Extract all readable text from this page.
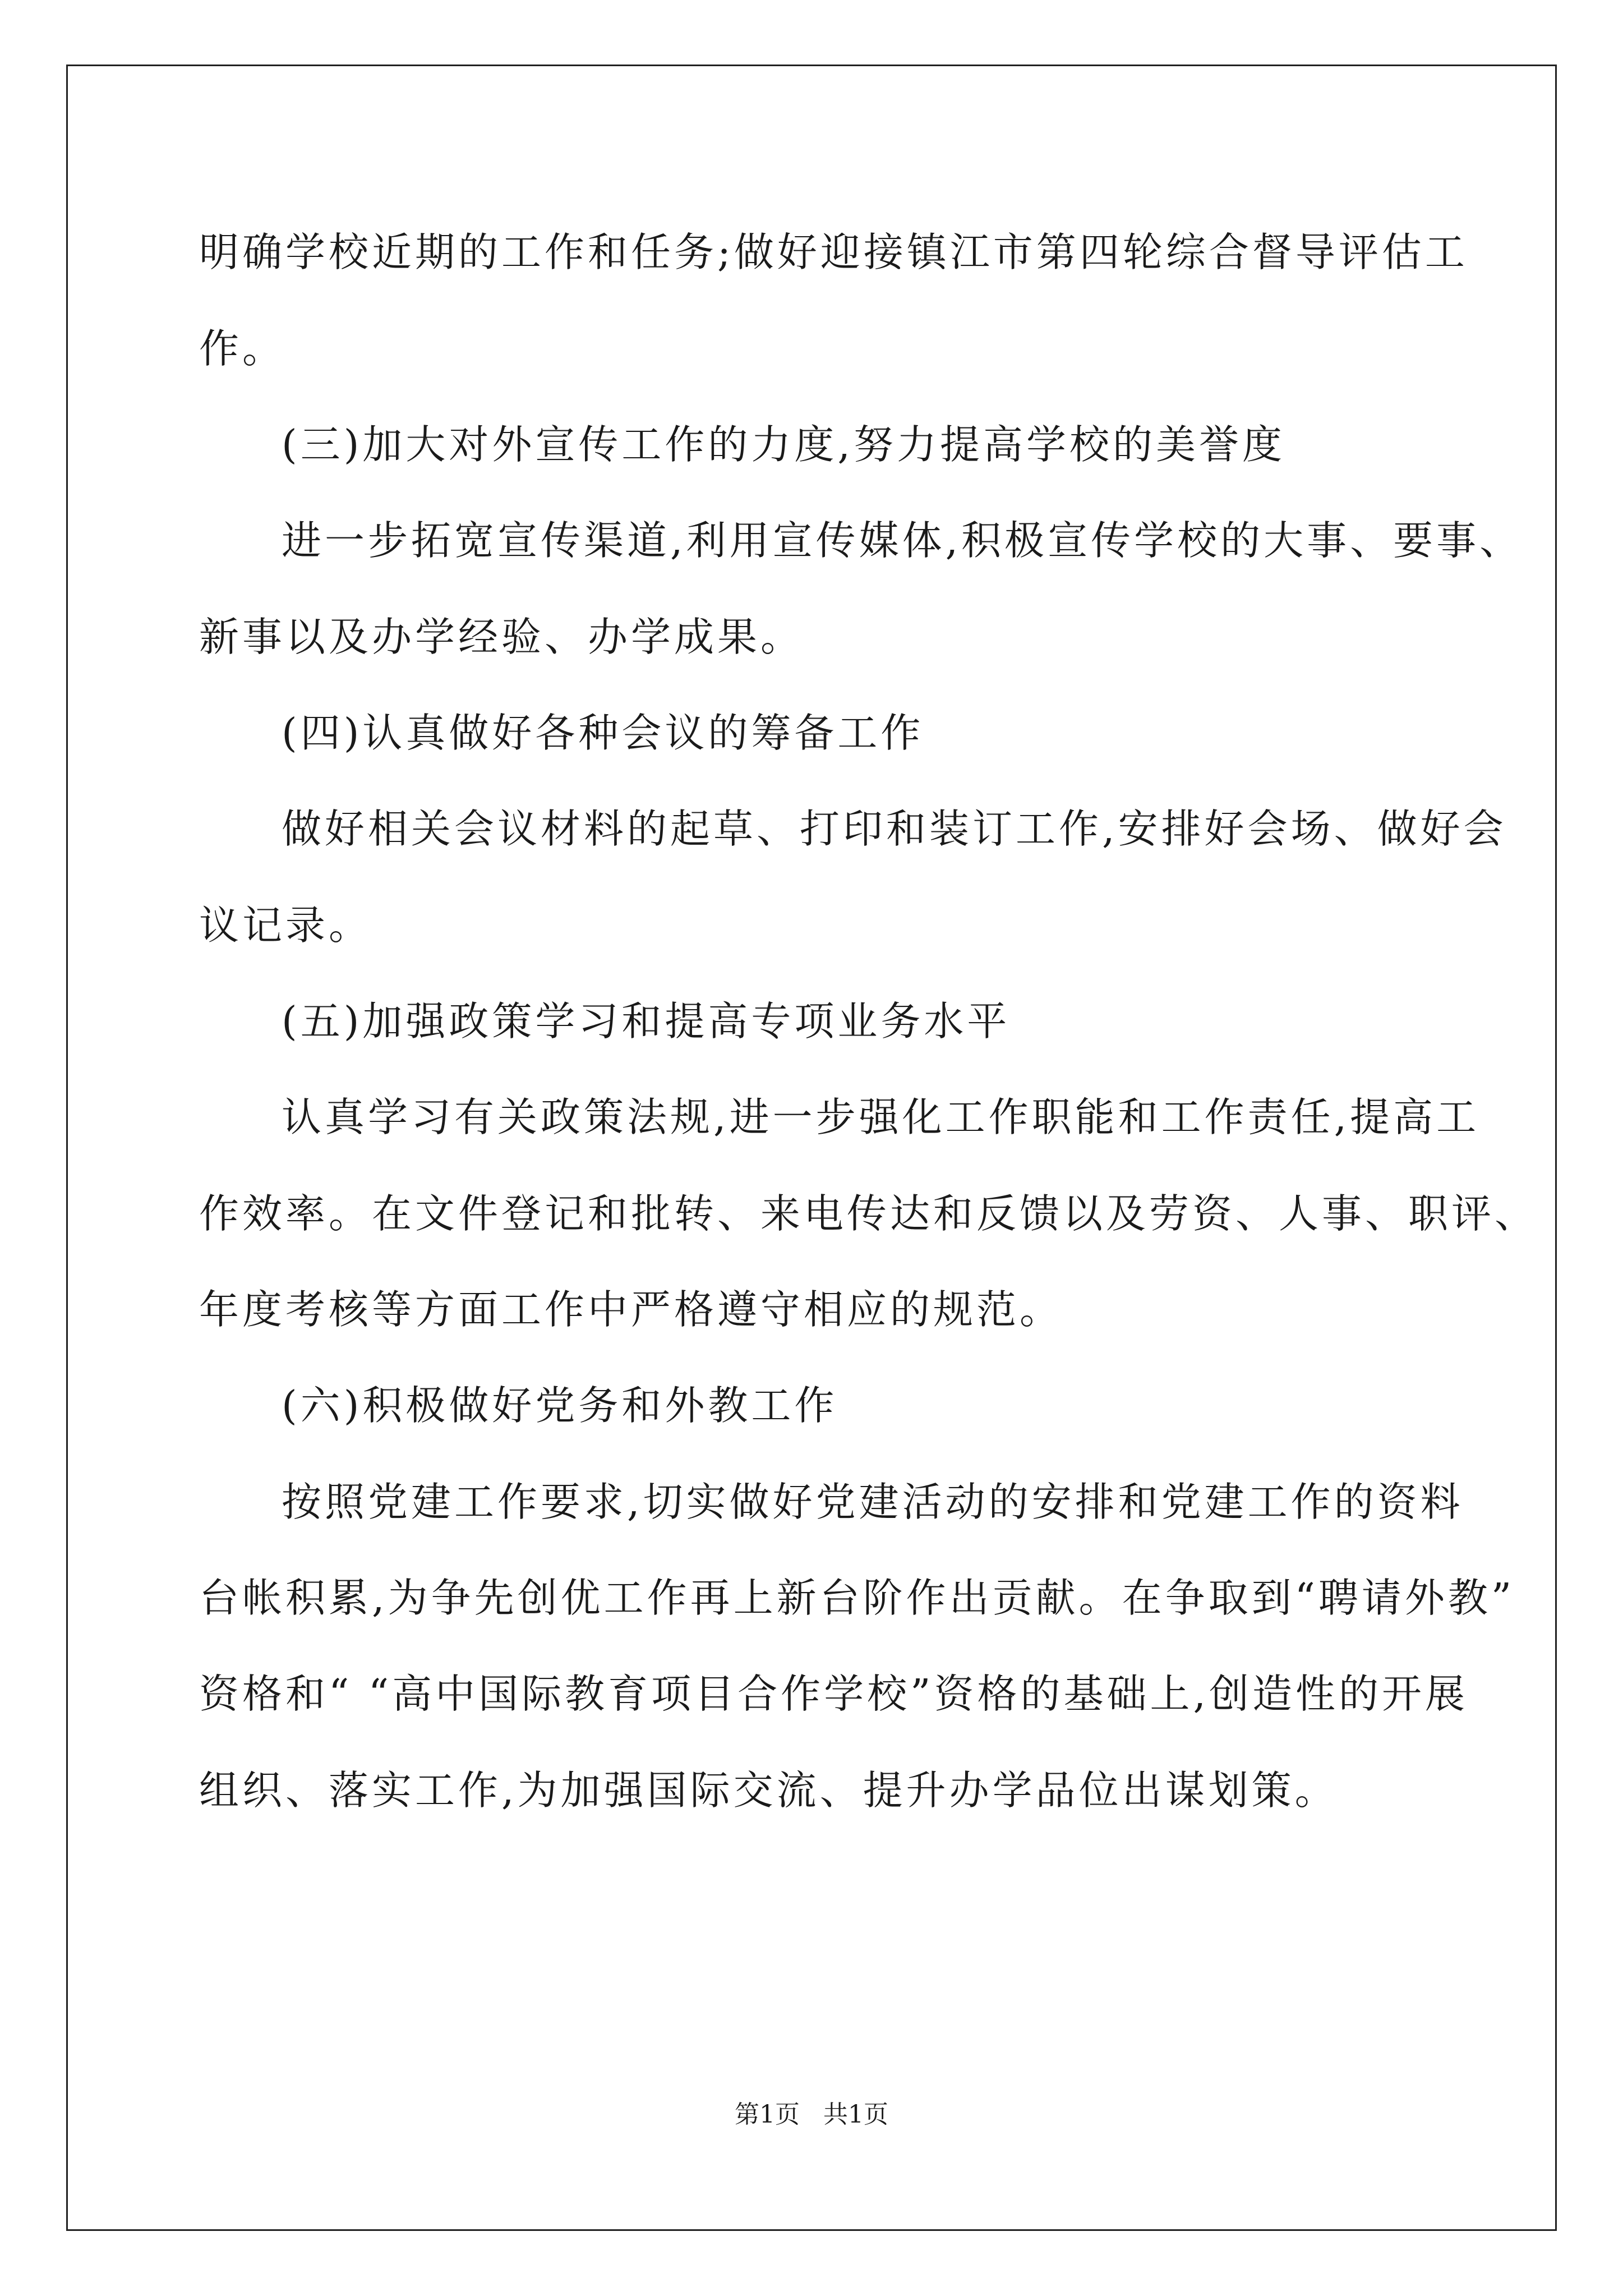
明确学校近期的工作和任务;做好迎接镇江市第四轮综合督导评估工
作。
(三)加大对外宣传工作的力度,努力提高学校的美誉度
进一步拓宽宣传渠道,利用宣传媒体,积极宣传学校的大事、要事、
新事以及办学经验、办学成果。
(四)认真做好各种会议的筹备工作
做好相关会议材料的起草、打印和装订工作,安排好会场、做好会
议记录。
(五)加强政策学习和提高专项业务水平
认真学习有关政策法规,进一步强化工作职能和工作责任,提高工
作效率。在文件登记和批转、来电传达和反馈以及劳资、人事、职评、
年度考核等方面工作中严格遵守相应的规范。
(六)积极做好党务和外教工作
按照党建工作要求,切实做好党建活动的安排和党建工作的资料
台帐积累,为争先创优工作再上新台阶作出贡献。在争取到“聘请外教”
资格和“ “高中国际教育项目合作学校”资格的基础上,创造性的开展
组织、落实工作,为加强国际交流、提升办学品位出谋划策。
第1页   共1页
